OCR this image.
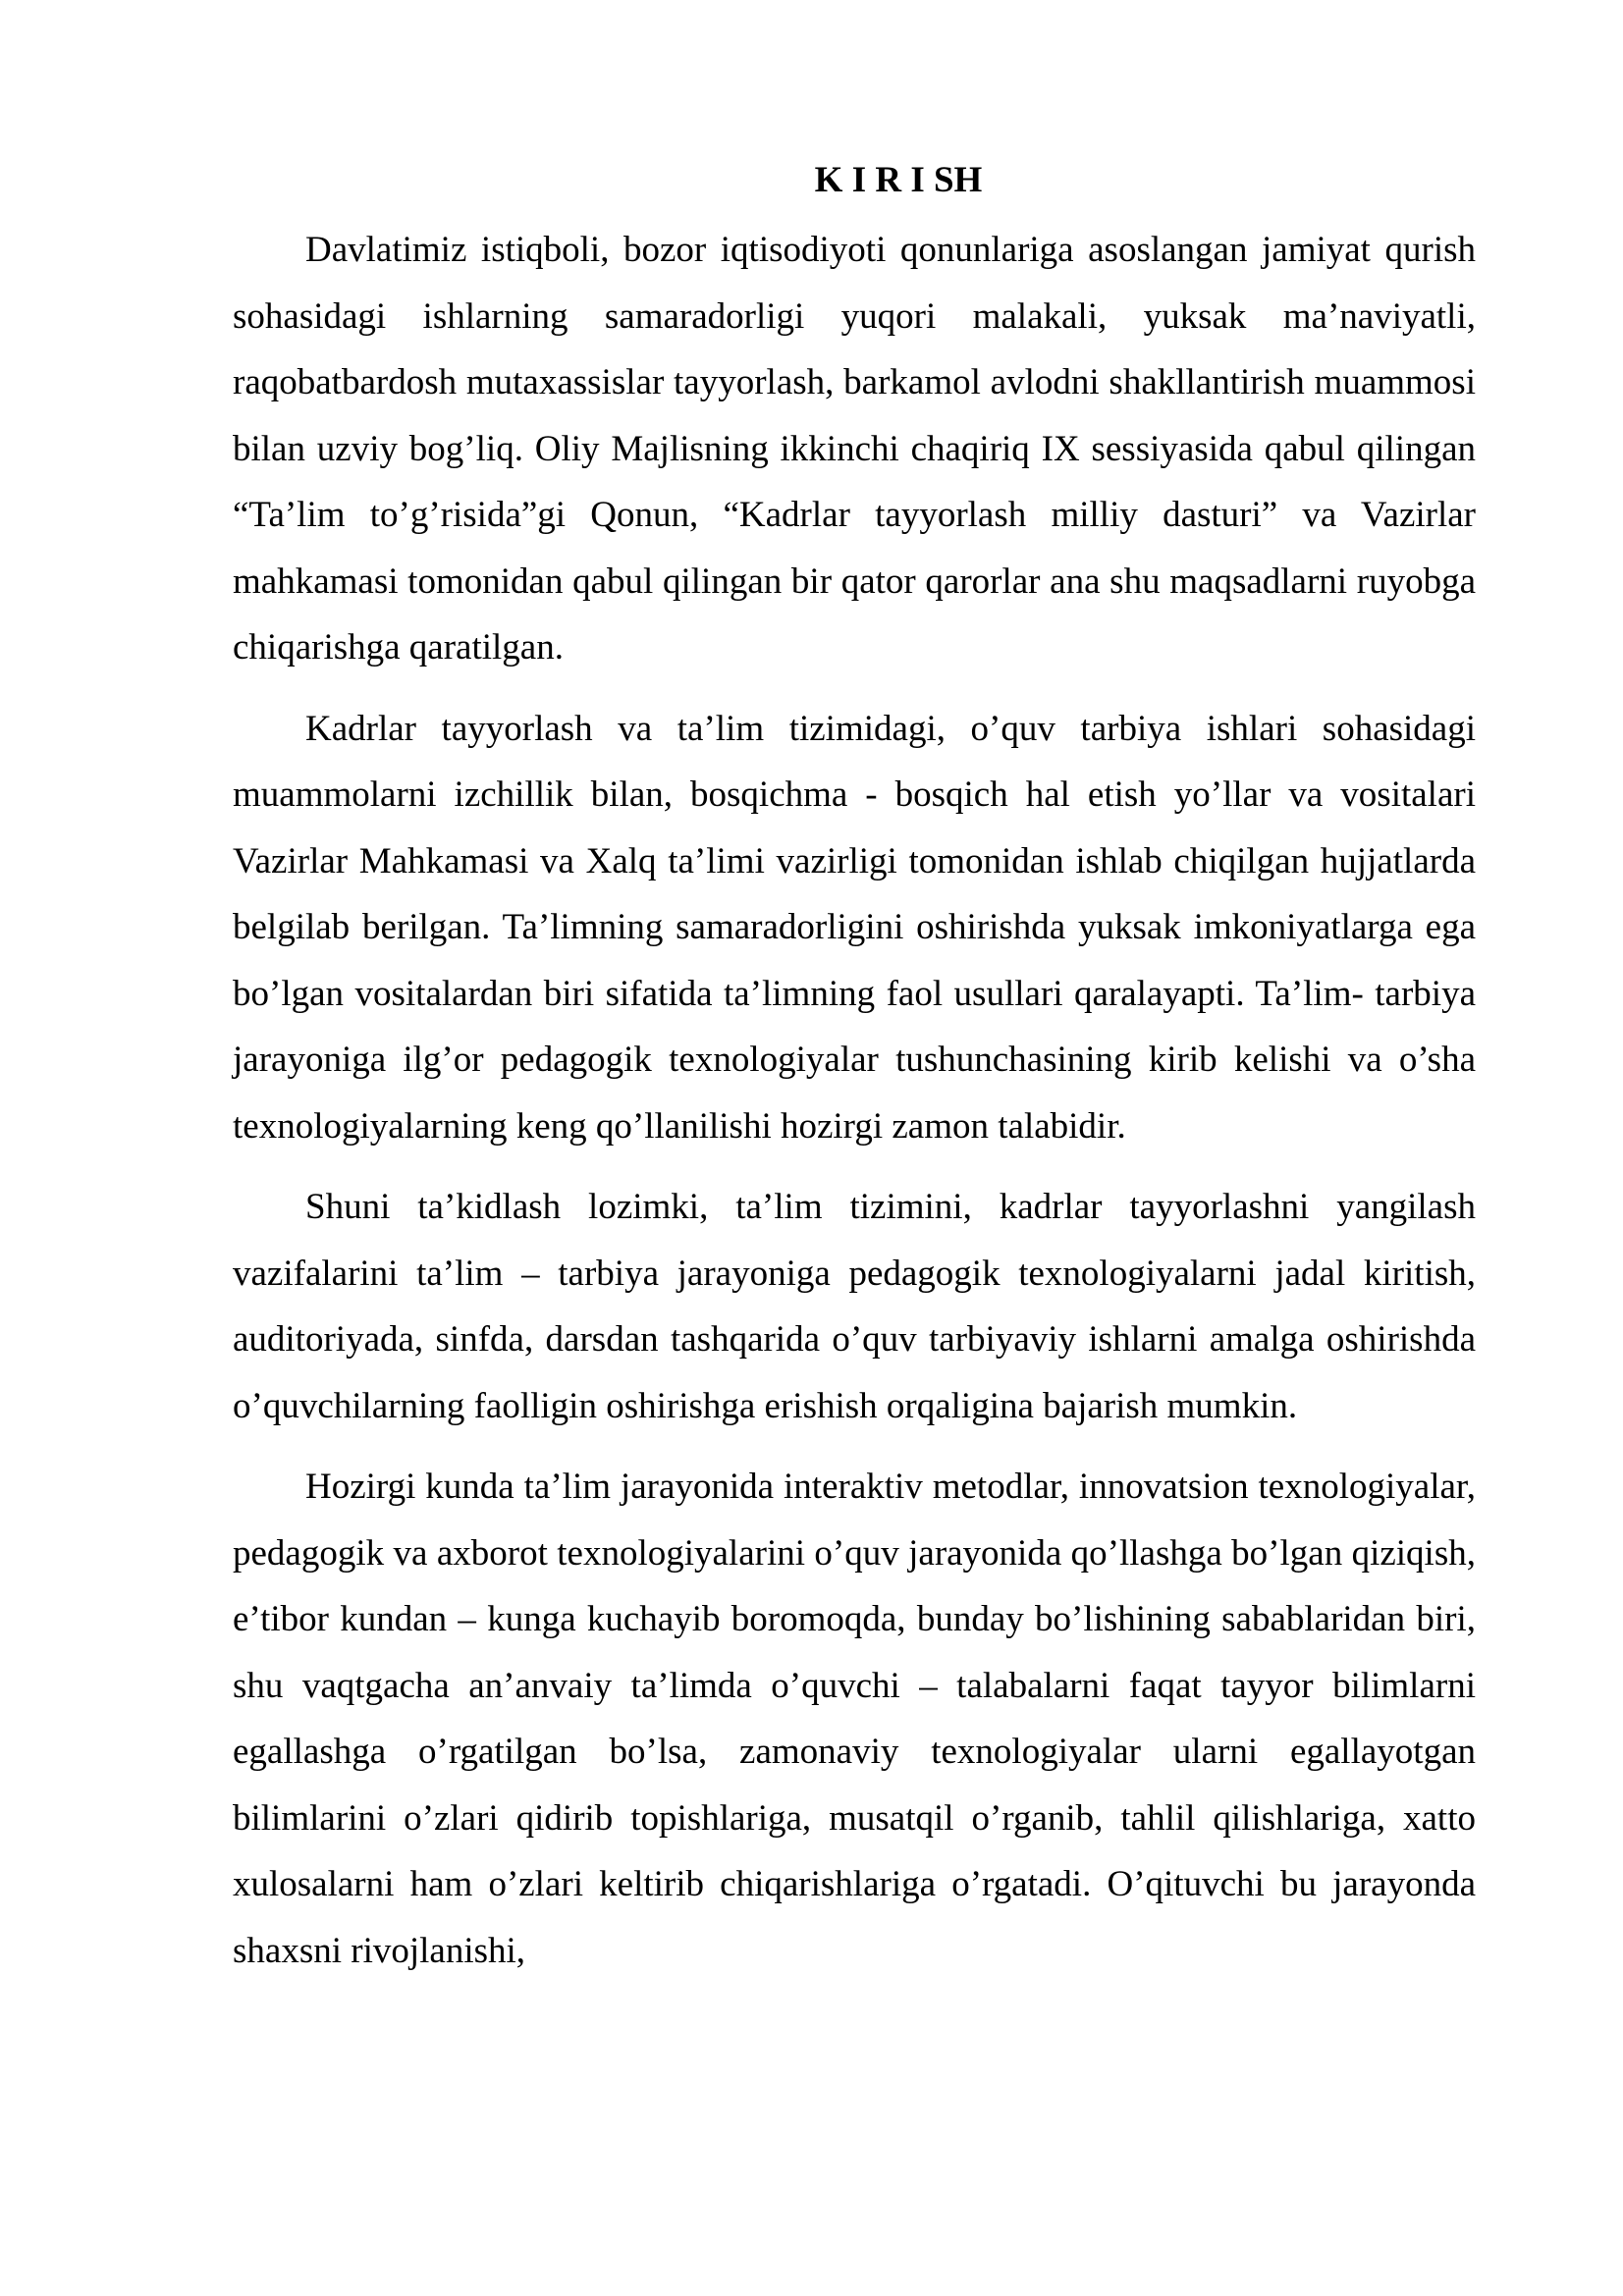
K I R I SH

Davlatimiz istiqboli, bozor iqtisodiyoti qonunlariga asoslangan jamiyat qurish sohasidagi ishlarning samaradorligi yuqori malakali, yuksak ma’naviyatli, raqobatbardosh mutaxassislar tayyorlash, barkamol avlodni shakllantirish muammosi bilan uzviy bog’liq. Oliy Majlisning ikkinchi chaqiriq IX sessiyasida qabul qilingan “Ta’lim to’g’risida”gi Qonun, “Kadrlar tayyorlash milliy dasturi” va Vazirlar mahkamasi tomonidan qabul qilingan bir qator qarorlar ana shu maqsadlarni ruyobga chiqarishga qaratilgan.

Kadrlar tayyorlash va ta’lim tizimidagi, o’quv tarbiya ishlari sohasidagi muammolarni izchillik bilan, bosqichma - bosqich hal etish yo’llar va vositalari Vazirlar Mahkamasi va Xalq ta’limi vazirligi tomonidan ishlab chiqilgan hujjatlarda belgilab berilgan. Ta’limning samaradorligini oshirishda yuksak imkoniyatlarga ega bo’lgan vositalardan biri sifatida ta’limning faol usullari qaralayapti. Ta’lim- tarbiya jarayoniga ilg’or pedagogik texnologiyalar tushunchasining kirib kelishi va o’sha texnologiyalarning keng qo’llanilishi hozirgi zamon talabidir.

Shuni ta’kidlash lozimki, ta’lim tizimini, kadrlar tayyorlashni yangilash vazifalarini ta’lim – tarbiya jarayoniga pedagogik texnologiyalarni jadal kiritish, auditoriyada, sinfda, darsdan tashqarida o’quv tarbiyaviy ishlarni amalga oshirishda o’quvchilarning faolligin oshirishga erishish orqaligina bajarish mumkin.

Hozirgi kunda ta’lim jarayonida interaktiv metodlar, innovatsion texnologiyalar, pedagogik va axborot texnologiyalarini o’quv jarayonida qo’llashga bo’lgan qiziqish, e’tibor kundan – kunga kuchayib boromoqda, bunday bo’lishining sabablaridan biri, shu vaqtgacha an’anvaiy ta’limda o’quvchi – talabalarni faqat tayyor bilimlarni egallashga o’rgatilgan bo’lsa, zamonaviy texnologiyalar ularni egallayotgan bilimlarini o’zlari qidirib topishlariga, musatqil o’rganib, tahlil qilishlariga, xatto xulosalarni ham o’zlari keltirib chiqarishlariga o’rgatadi. O’qituvchi bu jarayonda shaxsni rivojlanishi,
